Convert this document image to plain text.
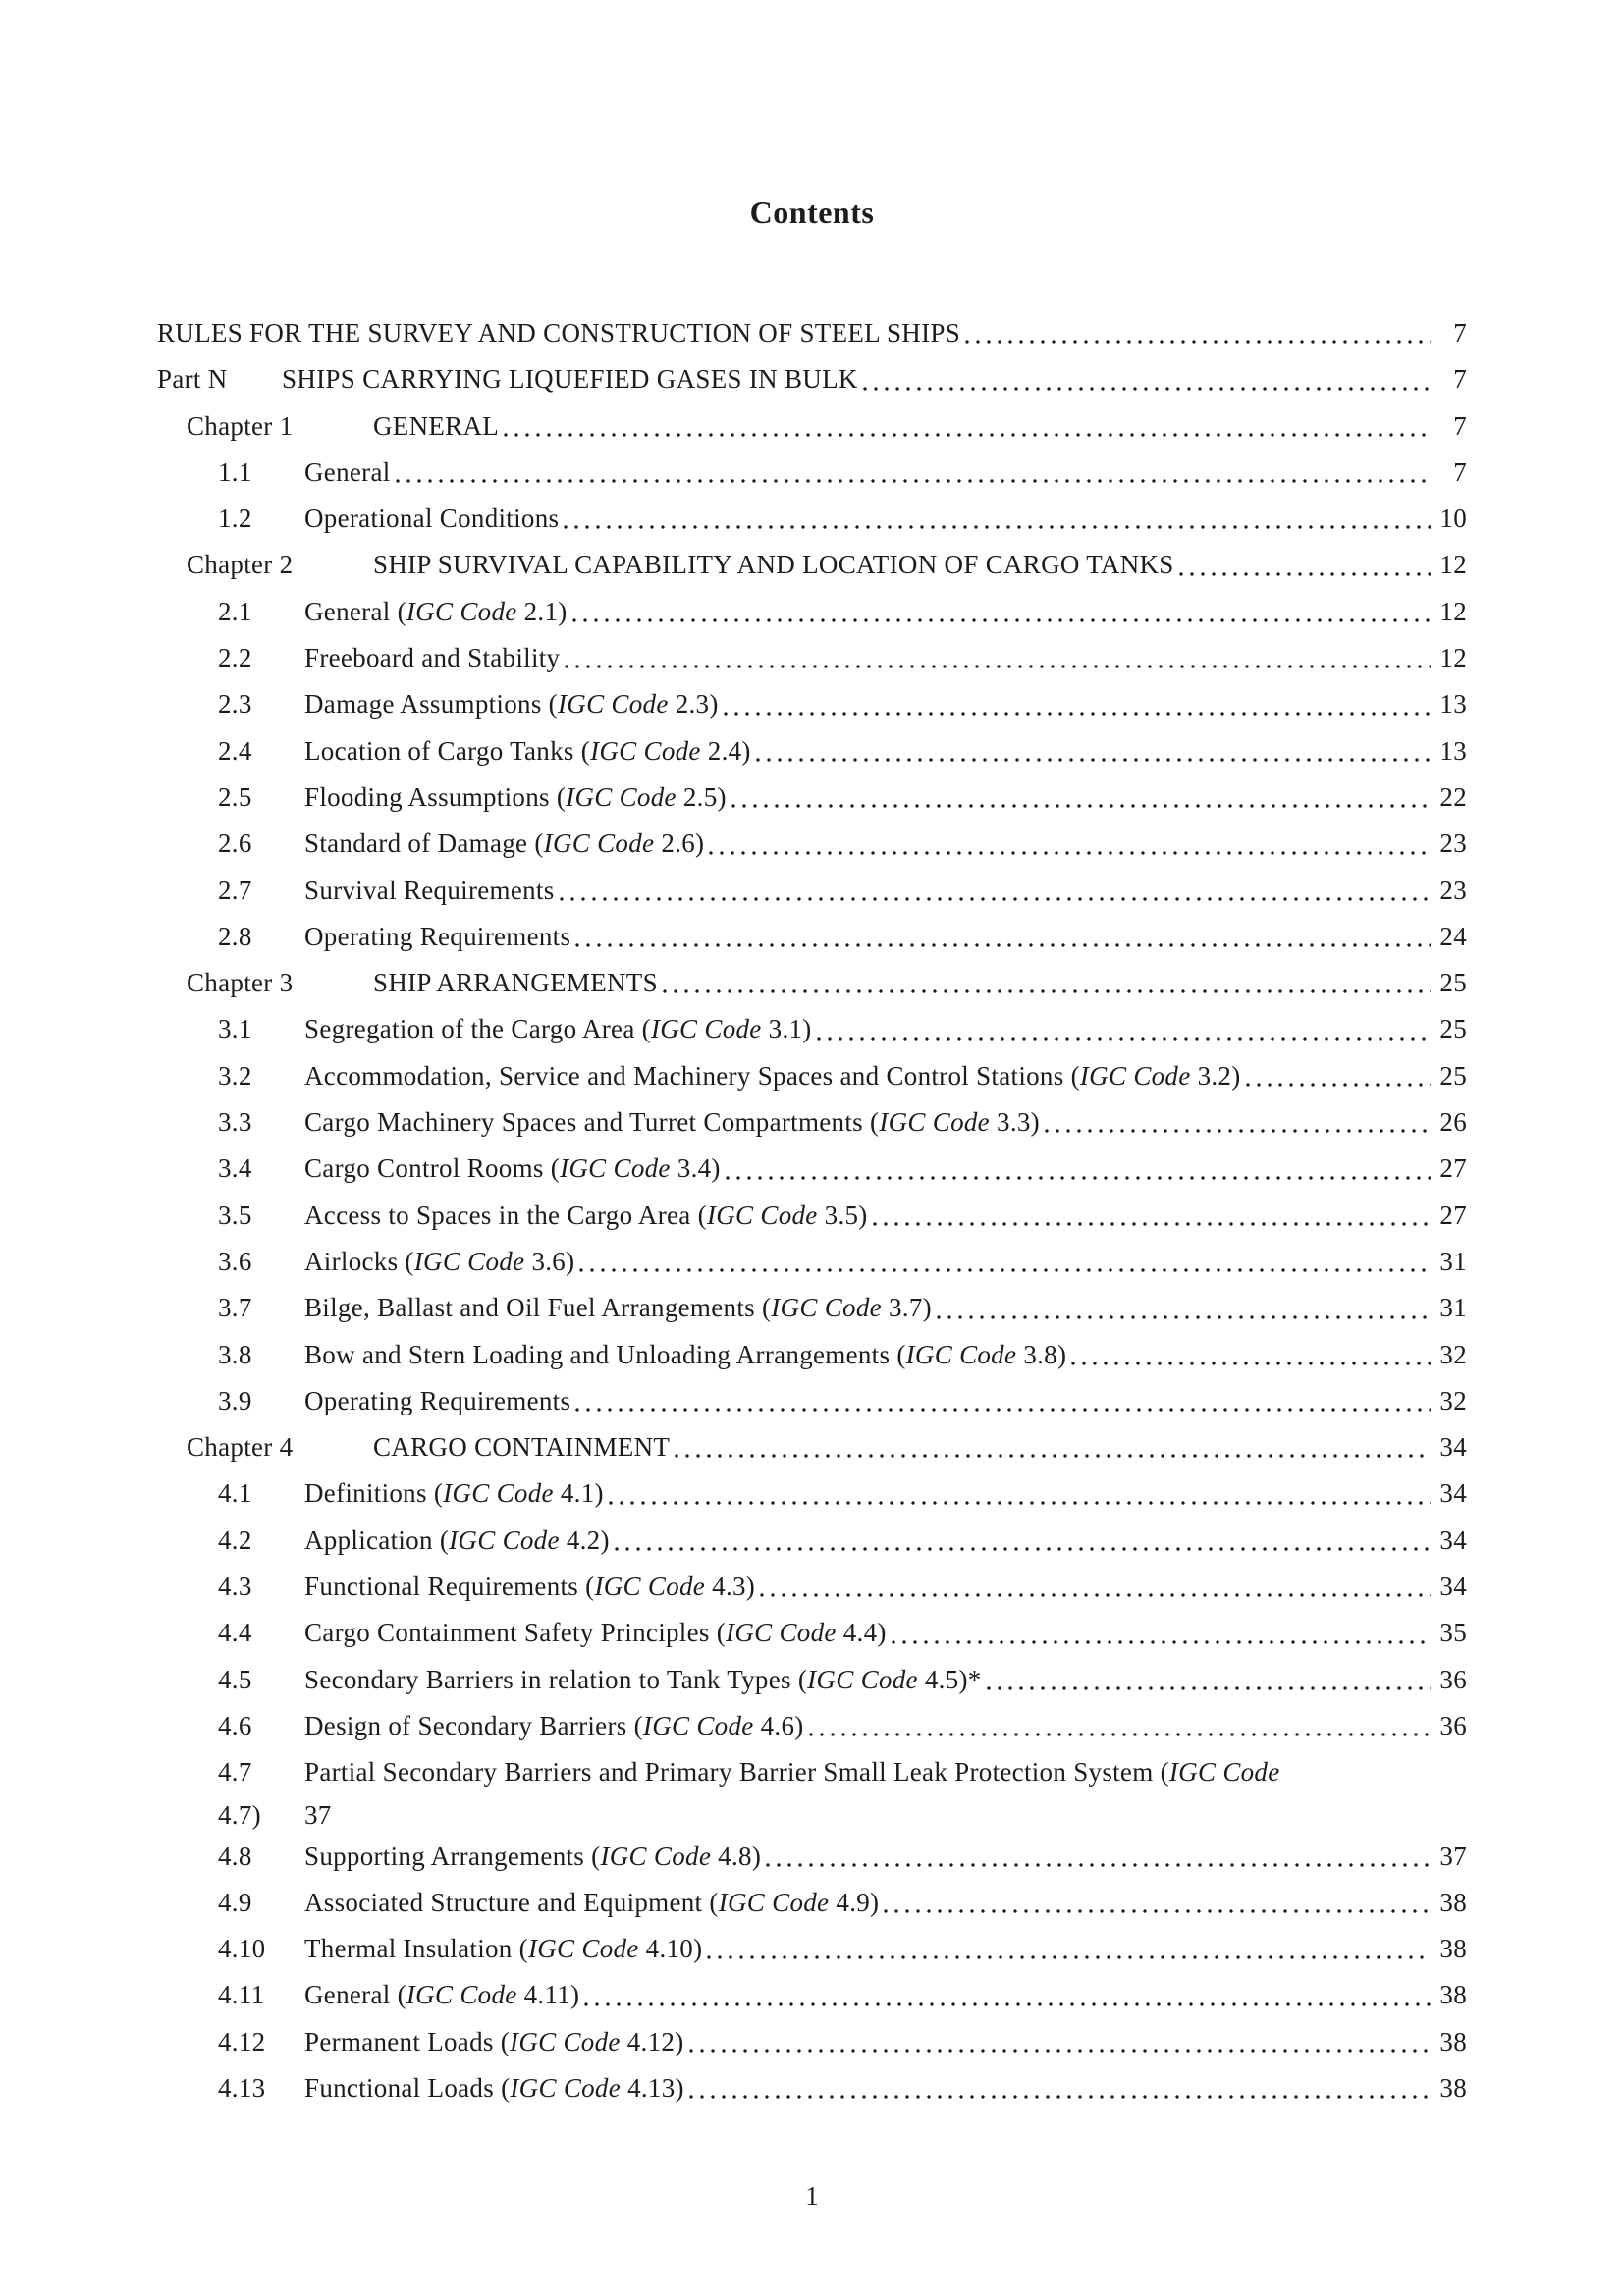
Contents
RULES FOR THE SURVEY AND CONSTRUCTION OF STEEL SHIPS	7
Part N	SHIPS CARRYING LIQUEFIED GASES IN BULK	7
Chapter 1	GENERAL	7
1.1	General	7
1.2	Operational Conditions	10
Chapter 2	SHIP SURVIVAL CAPABILITY AND LOCATION OF CARGO TANKS	12
2.1	General (IGC Code 2.1)	12
2.2	Freeboard and Stability	12
2.3	Damage Assumptions (IGC Code 2.3)	13
2.4	Location of Cargo Tanks (IGC Code 2.4)	13
2.5	Flooding Assumptions (IGC Code 2.5)	22
2.6	Standard of Damage (IGC Code 2.6)	23
2.7	Survival Requirements	23
2.8	Operating Requirements	24
Chapter 3	SHIP ARRANGEMENTS	25
3.1	Segregation of the Cargo Area (IGC Code 3.1)	25
3.2	Accommodation, Service and Machinery Spaces and Control Stations (IGC Code 3.2)	25
3.3	Cargo Machinery Spaces and Turret Compartments (IGC Code 3.3)	26
3.4	Cargo Control Rooms (IGC Code 3.4)	27
3.5	Access to Spaces in the Cargo Area (IGC Code 3.5)	27
3.6	Airlocks (IGC Code 3.6)	31
3.7	Bilge, Ballast and Oil Fuel Arrangements (IGC Code 3.7)	31
3.8	Bow and Stern Loading and Unloading Arrangements (IGC Code 3.8)	32
3.9	Operating Requirements	32
Chapter 4	CARGO CONTAINMENT	34
4.1	Definitions (IGC Code 4.1)	34
4.2	Application (IGC Code 4.2)	34
4.3	Functional Requirements (IGC Code 4.3)	34
4.4	Cargo Containment Safety Principles (IGC Code 4.4)	35
4.5	Secondary Barriers in relation to Tank Types (IGC Code 4.5)*	36
4.6	Design of Secondary Barriers (IGC Code 4.6)	36
4.7	Partial Secondary Barriers and Primary Barrier Small Leak Protection System (IGC Code
4.7)	37
4.8	Supporting Arrangements (IGC Code 4.8)	37
4.9	Associated Structure and Equipment (IGC Code 4.9)	38
4.10	Thermal Insulation (IGC Code 4.10)	38
4.11	General (IGC Code 4.11)	38
4.12	Permanent Loads (IGC Code 4.12)	38
4.13	Functional Loads (IGC Code 4.13)	38
1
